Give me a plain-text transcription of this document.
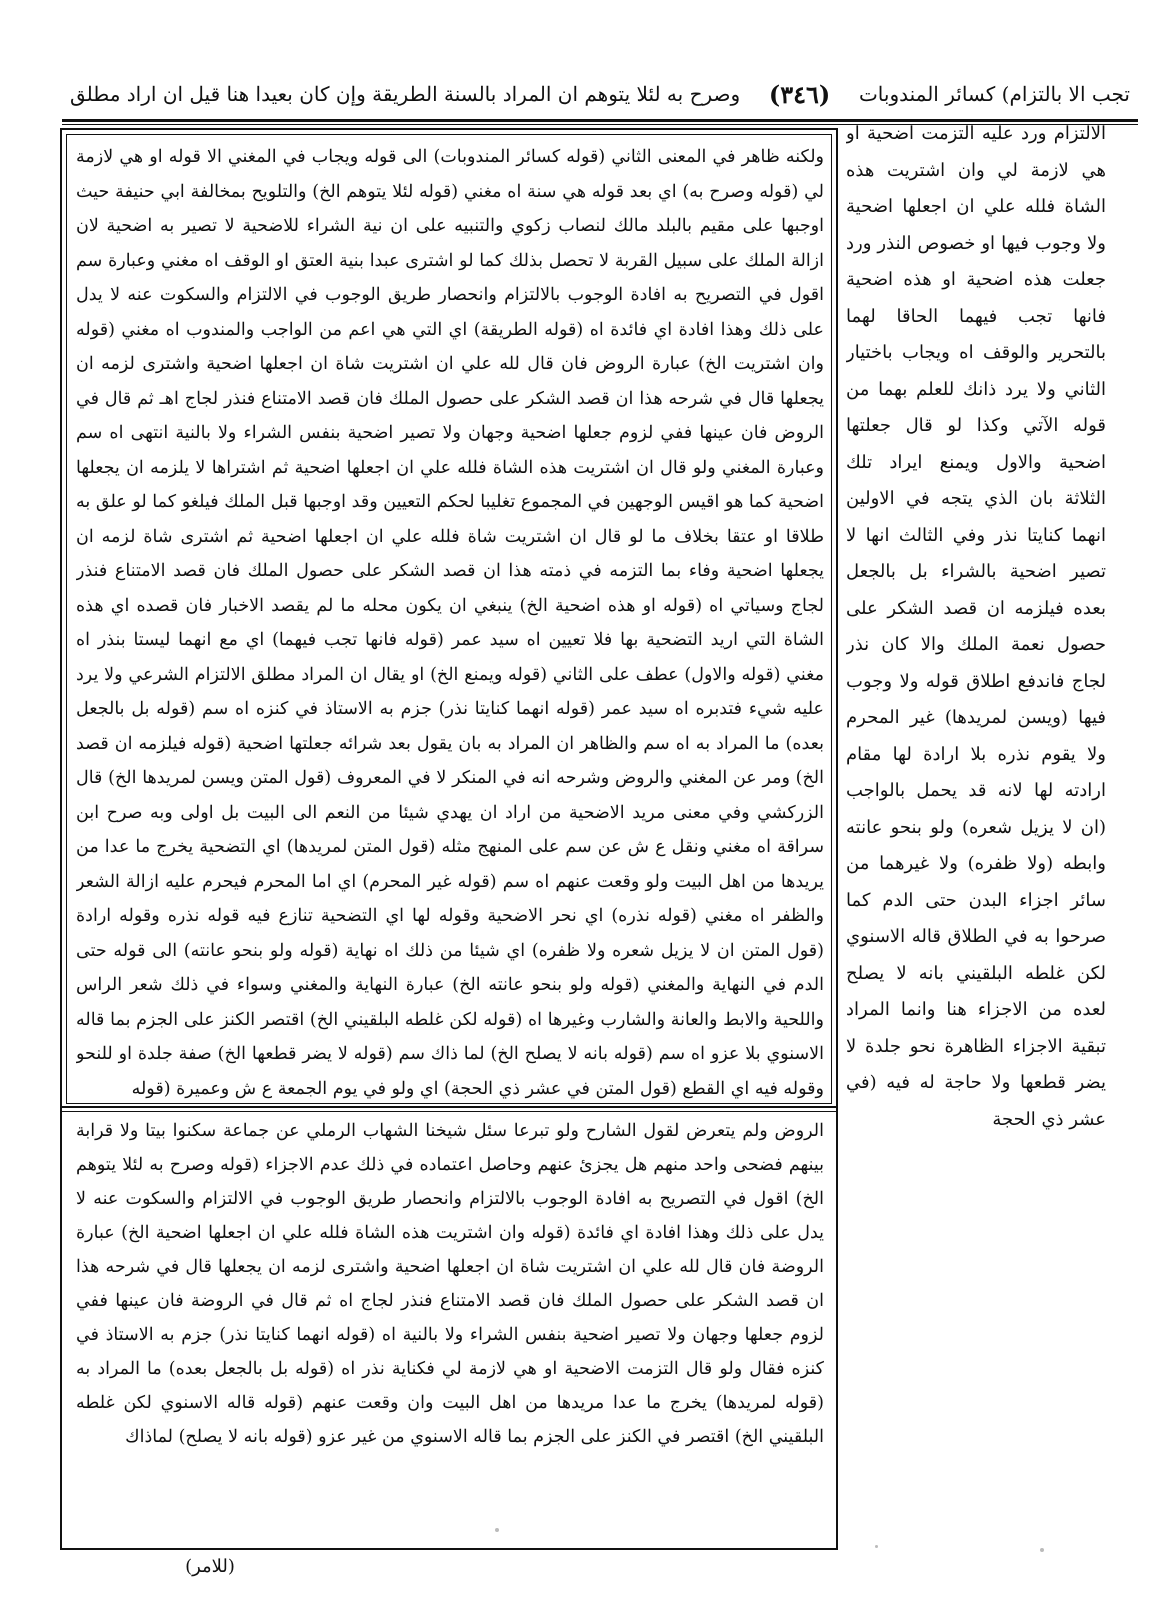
تجب الا بالتزام) كسائر المندوبات
(٣٤٦)
وصرح به لئلا يتوهم ان المراد بالسنة الطريقة وإن كان بعيدا هنا قيل ان اراد مطلق
ولكنه ظاهر في المعنى الثاني (قوله كسائر المندوبات) الى قوله ويجاب في المغني الا قوله او هي لازمة لي (قوله وصرح به) اي بعد قوله هي سنة اه مغني (قوله لئلا يتوهم الخ) والتلويح بمخالفة ابي حنيفة حيث اوجبها على مقيم بالبلد مالك لنصاب زكوي والتنبيه على ان نية الشراء للاضحية لا تصير به اضحية لان ازالة الملك على سبيل القربة لا تحصل بذلك كما لو اشترى عبدا بنية العتق او الوقف اه مغني وعبارة سم اقول في التصريح به افادة الوجوب بالالتزام وانحصار طريق الوجوب في الالتزام والسكوت عنه لا يدل على ذلك وهذا افادة اي فائدة اه (قوله الطريقة) اي التي هي اعم من الواجب والمندوب اه مغني (قوله وان اشتريت الخ) عبارة الروض فان قال لله علي ان اشتريت شاة ان اجعلها اضحية واشترى لزمه ان يجعلها قال في شرحه هذا ان قصد الشكر على حصول الملك فان قصد الامتناع فنذر لجاج اهـ ثم قال في الروض فان عينها ففي لزوم جعلها اضحية وجهان ولا تصير اضحية بنفس الشراء ولا بالنية انتهى اه سم وعبارة المغني ولو قال ان اشتريت هذه الشاة فلله علي ان اجعلها اضحية ثم اشتراها لا يلزمه ان يجعلها اضحية كما هو اقيس الوجهين في المجموع تغليبا لحكم التعيين وقد اوجبها قبل الملك فيلغو كما لو علق به طلاقا او عتقا بخلاف ما لو قال ان اشتريت شاة فلله علي ان اجعلها اضحية ثم اشترى شاة لزمه ان يجعلها اضحية وفاء بما التزمه في ذمته هذا ان قصد الشكر على حصول الملك فان قصد الامتناع فنذر لجاج وسياتي اه (قوله او هذه اضحية الخ) ينبغي ان يكون محله ما لم يقصد الاخبار فان قصده اي هذه الشاة التي اريد التضحية بها فلا تعيين اه سيد عمر (قوله فانها تجب فيهما) اي مع انهما ليستا بنذر اه مغني (قوله والاول) عطف على الثاني (قوله ويمنع الخ) او يقال ان المراد مطلق الالتزام الشرعي ولا يرد عليه شيء فتدبره اه سيد عمر (قوله انهما كنايتا نذر) جزم به الاستاذ في كنزه اه سم (قوله بل بالجعل بعده) ما المراد به اه سم والظاهر ان المراد به بان يقول بعد شرائه جعلتها اضحية (قوله فيلزمه ان قصد الخ) ومر عن المغني والروض وشرحه انه في المنكر لا في المعروف (قول المتن ويسن لمريدها الخ) قال الزركشي وفي معنى مريد الاضحية من اراد ان يهدي شيئا من النعم الى البيت بل اولى وبه صرح ابن سراقة اه مغني ونقل ع ش عن سم على المنهج مثله (قول المتن لمريدها) اي التضحية يخرج ما عدا من يريدها من اهل البيت ولو وقعت عنهم اه سم (قوله غير المحرم) اي اما المحرم فيحرم عليه ازالة الشعر والظفر اه مغني (قوله نذره) اي نحر الاضحية وقوله لها اي التضحية تنازع فيه قوله نذره وقوله ارادة (قول المتن ان لا يزيل شعره ولا ظفره) اي شيئا من ذلك اه نهاية (قوله ولو بنحو عانته) الى قوله حتى الدم في النهاية والمغني (قوله ولو بنحو عانته الخ) عبارة النهاية والمغني وسواء في ذلك شعر الراس واللحية والابط والعانة والشارب وغيرها اه (قوله لكن غلطه البلقيني الخ) اقتصر الكنز على الجزم بما قاله الاسنوي بلا عزو اه سم (قوله بانه لا يصلح الخ) لما ذاك سم (قوله لا يضر قطعها الخ) صفة جلدة او للنحو وقوله فيه اي القطع (قول المتن في عشر ذي الحجة) اي ولو في يوم الجمعة ع ش وعميرة (قوله
الروض ولم يتعرض لقول الشارح ولو تبرعا سئل شيخنا الشهاب الرملي عن جماعة سكنوا بيتا ولا قرابة بينهم فضحى واحد منهم هل يجزئ عنهم وحاصل اعتماده في ذلك عدم الاجزاء (قوله وصرح به لئلا يتوهم الخ) اقول في التصريح به افادة الوجوب بالالتزام وانحصار طريق الوجوب في الالتزام والسكوت عنه لا يدل على ذلك وهذا افادة اي فائدة (قوله وان اشتريت هذه الشاة فلله علي ان اجعلها اضحية الخ) عبارة الروضة فان قال لله علي ان اشتريت شاة ان اجعلها اضحية واشترى لزمه ان يجعلها قال في شرحه هذا ان قصد الشكر على حصول الملك فان قصد الامتناع فنذر لجاج اه ثم قال في الروضة فان عينها ففي لزوم جعلها وجهان ولا تصير اضحية بنفس الشراء ولا بالنية اه (قوله انهما كنايتا نذر) جزم به الاستاذ في كنزه فقال ولو قال التزمت الاضحية او هي لازمة لي فكناية نذر اه (قوله بل بالجعل بعده) ما المراد به (قوله لمريدها) يخرج ما عدا مريدها من اهل البيت وان وقعت عنهم (قوله قاله الاسنوي لكن غلطه البلقيني الخ) اقتصر في الكنز على الجزم بما قاله الاسنوي من غير عزو (قوله بانه لا يصلح) لماذاك
الالتزام ورد عليه التزمت اضحية او هي لازمة لي وان اشتريت هذه الشاة فلله علي ان اجعلها اضحية ولا وجوب فيها او خصوص النذر ورد جعلت هذه اضحية او هذه اضحية فانها تجب فيهما الحاقا لهما بالتحرير والوقف اه ويجاب باختيار الثاني ولا يرد ذانك للعلم بهما من قوله الآتي وكذا لو قال جعلتها اضحية والاول ويمنع ايراد تلك الثلاثة بان الذي يتجه في الاولين انهما كنايتا نذر وفي الثالث انها لا تصير اضحية بالشراء بل بالجعل بعده فيلزمه ان قصد الشكر على حصول نعمة الملك والا كان نذر لجاج فاندفع اطلاق قوله ولا وجوب فيها (ويسن لمريدها) غير المحرم ولا يقوم نذره بلا ارادة لها مقام ارادته لها لانه قد يحمل بالواجب (ان لا يزيل شعره) ولو بنحو عانته وابطه (ولا ظفره) ولا غيرهما من سائر اجزاء البدن حتى الدم كما صرحوا به في الطلاق قاله الاسنوي لكن غلطه البلقيني بانه لا يصلح لعده من الاجزاء هنا وانما المراد تبقية الاجزاء الظاهرة نحو جلدة لا يضر قطعها ولا حاجة له فيه (في عشر ذي الحجة
(للامر)
